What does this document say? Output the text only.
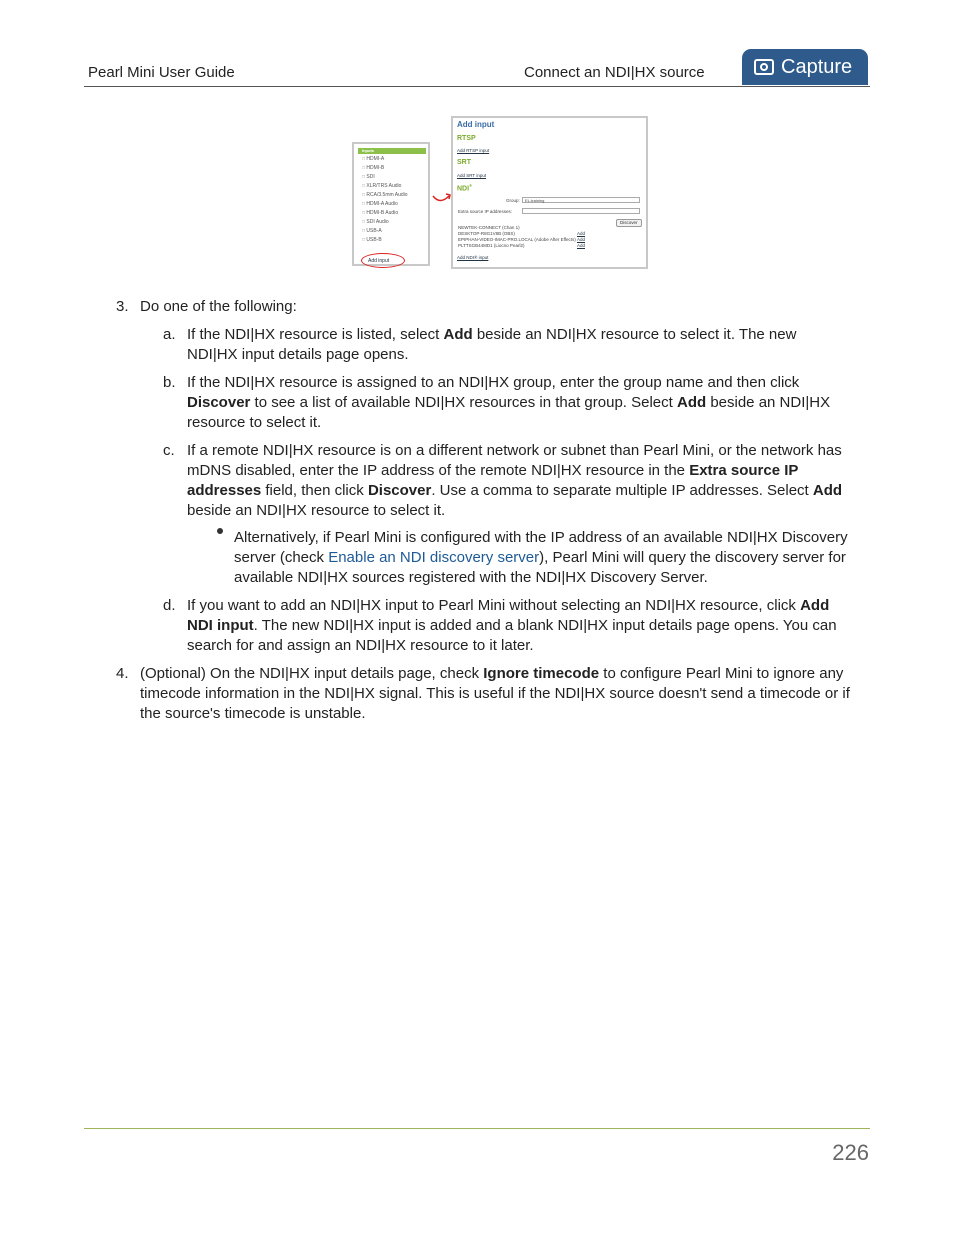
Pearl Mini User Guide	Connect an NDI|HX source	Capture
Inputs
□ HDMI-A
□ HDMI-B
□ SDI
□ XLR/TRS Audio
□ RCA/3.5mm Audio
□ HDMI-A Audio
□ HDMI-B Audio
□ SDI Audio
□ USB-A
□ USB-B
Add input
Add input
RTSP
Add RTSP input
SRT
Add SRT input
NDI®
Group:	EL-training
Extra source IP addresses:
Discover
NEWTEK-CONNECT (Chan 1)
DESKTOP-R8G1V8B (OBS)	Add
EPIPHAN-VIDEO-IMAC-PRO.LOCAL (Adobe After Effects) Add
PLTTSGB44MD1 (Liocno Pearl2)	Add
Add NDI® input
3. Do one of the following:
a. If the NDI|HX resource is listed, select Add beside an NDI|HX resource to select it. The new NDI|HX input details page opens.
b. If the NDI|HX resource is assigned to an NDI|HX group, enter the group name and then click Discover to see a list of available NDI|HX resources in that group. Select Add beside an NDI|HX resource to select it.
c. If a remote NDI|HX resource is on a different network or subnet than Pearl Mini, or the network has mDNS disabled, enter the IP address of the remote NDI|HX resource in the Extra source IP addresses field, then click Discover. Use a comma to separate multiple IP addresses. Select Add beside an NDI|HX resource to select it.
Alternatively, if Pearl Mini is configured with the IP address of an available NDI|HX Discovery server (check Enable an NDI discovery server), Pearl Mini will query the discovery server for available NDI|HX sources registered with the NDI|HX Discovery Server.
d. If you want to add an NDI|HX input to Pearl Mini without selecting an NDI|HX resource, click Add NDI input. The new NDI|HX input is added and a blank NDI|HX input details page opens. You can search for and assign an NDI|HX resource to it later.
4. (Optional) On the NDI|HX input details page, check Ignore timecode to configure Pearl Mini to ignore any timecode information in the NDI|HX signal. This is useful if the NDI|HX source doesn't send a timecode or if the source's timecode is unstable.
226
